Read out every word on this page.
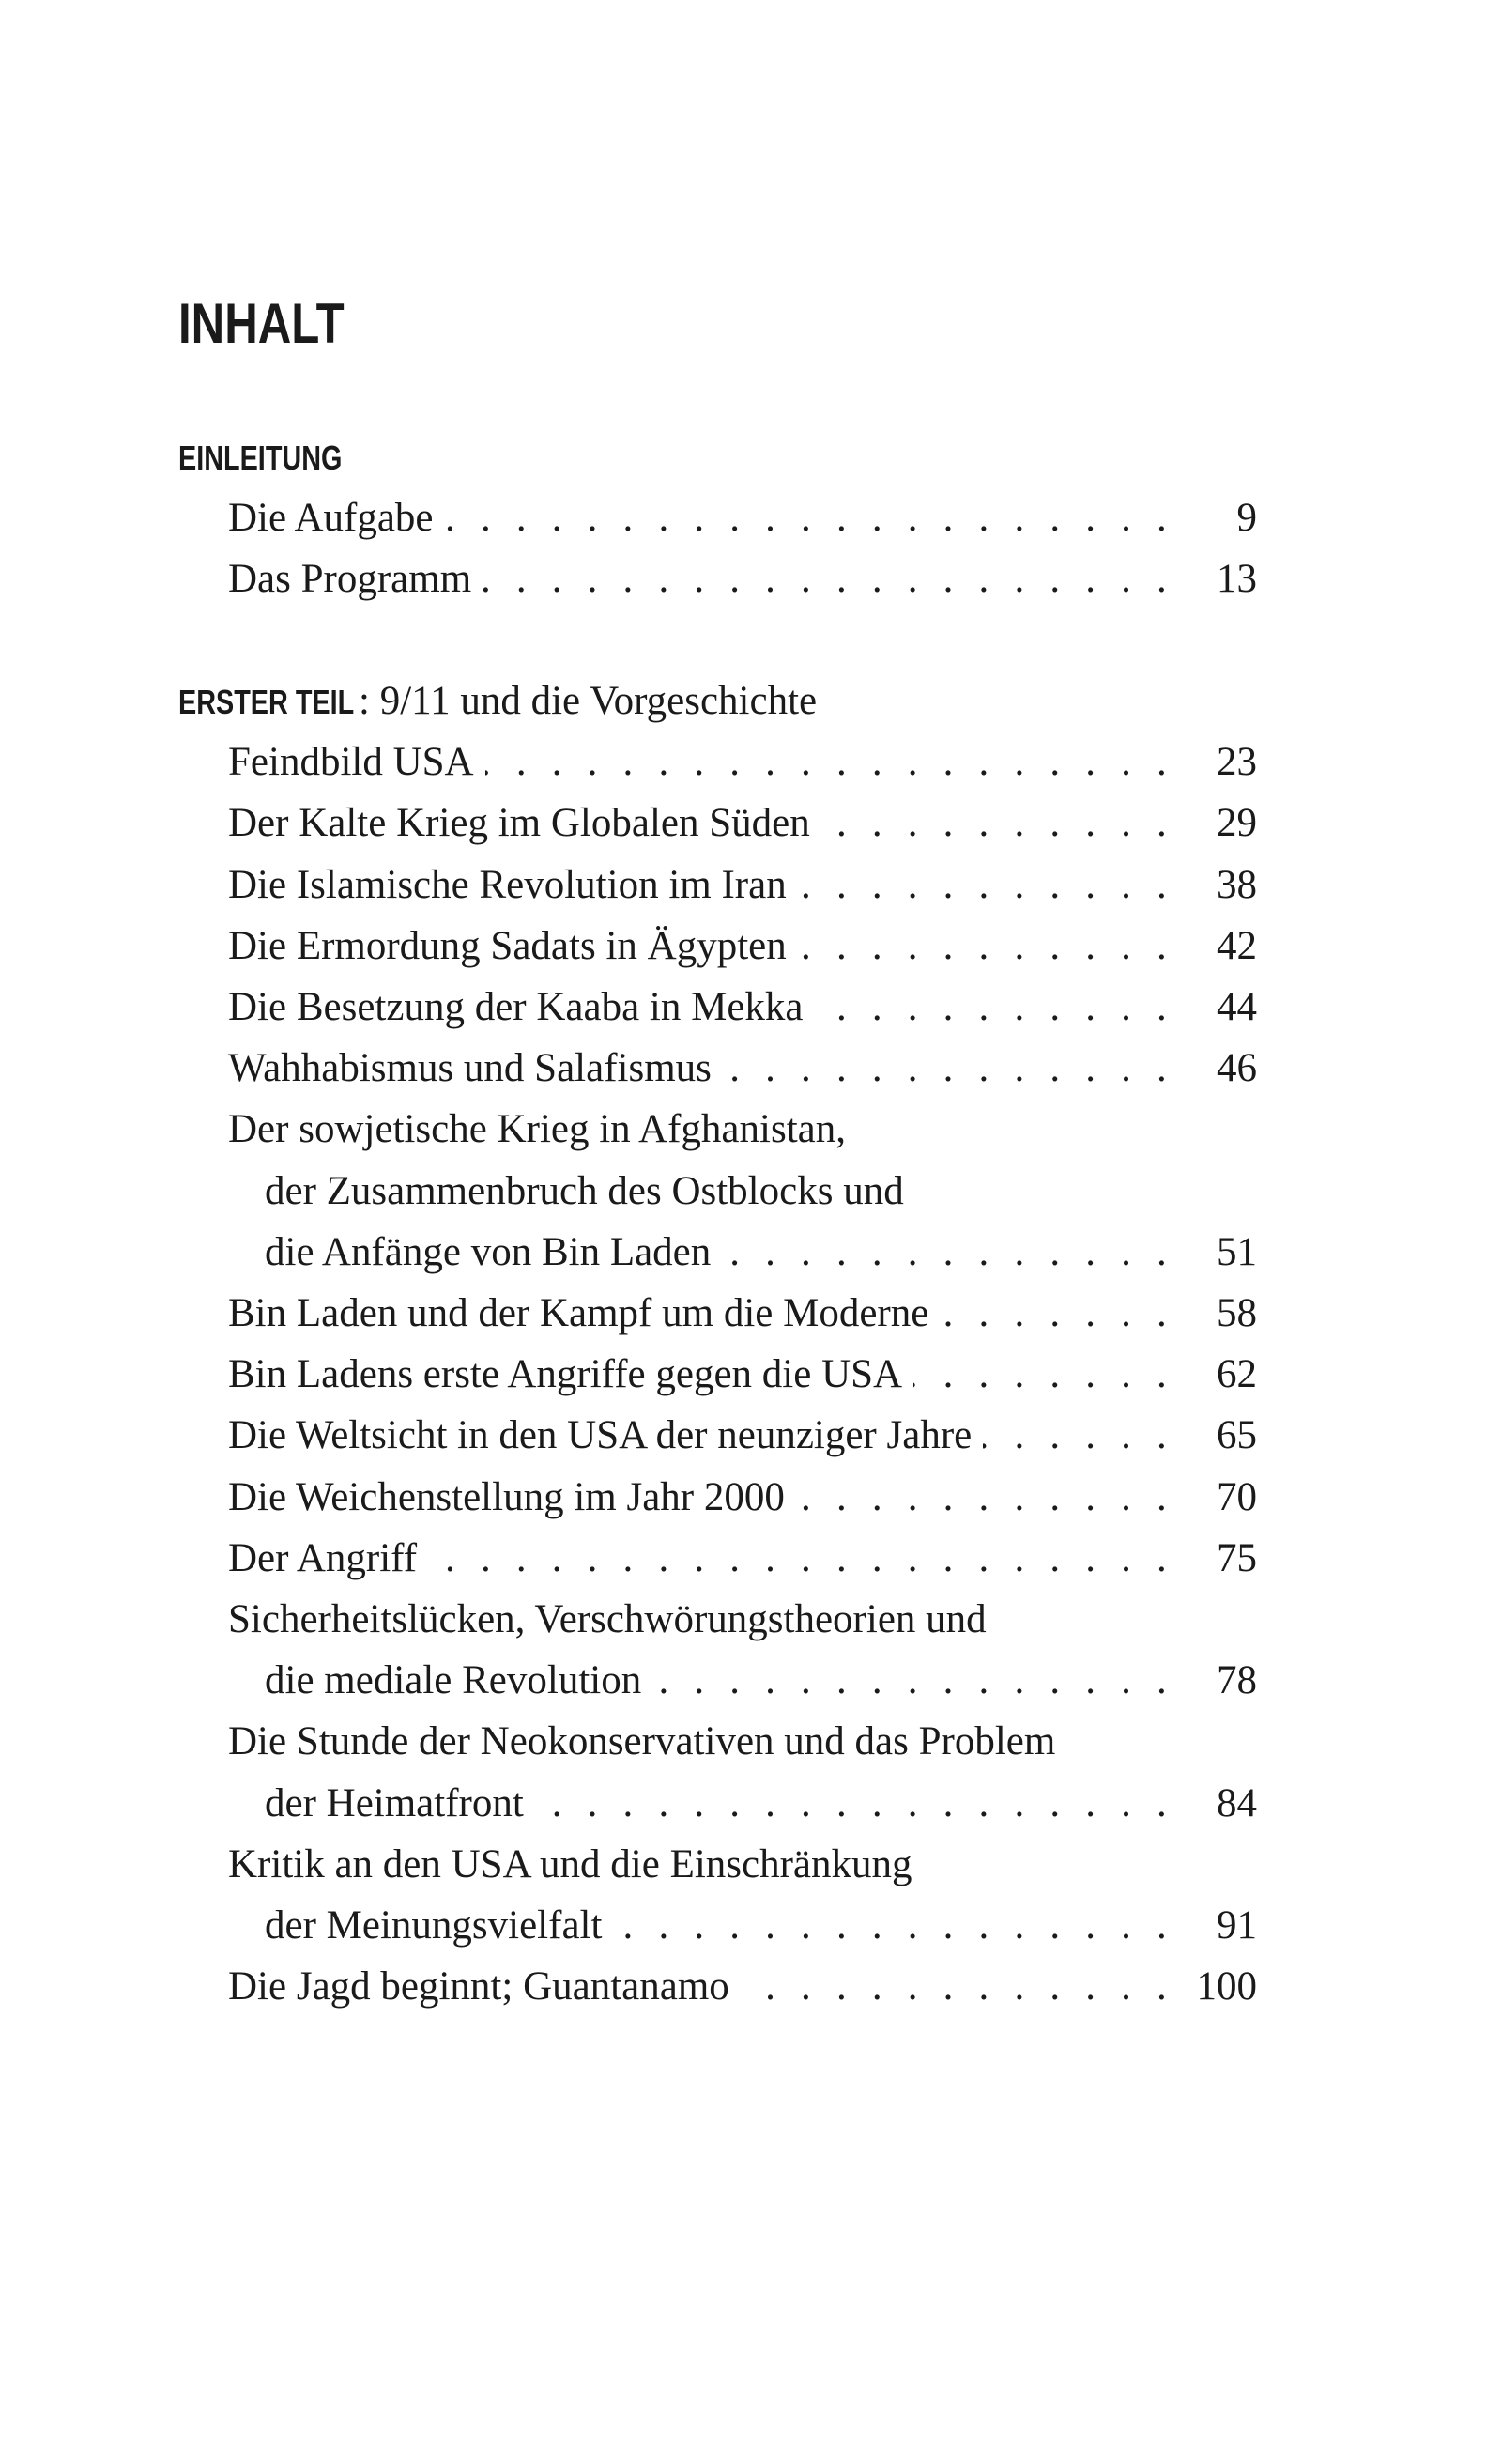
INHALT
EINLEITUNG
Die Aufgabe . . .	9
Das Programm . . .	13
ERSTER TEIL : 9/11 und die Vorgeschichte
Feindbild USA . . .	23
Der Kalte Krieg im Globalen Süden . . .	29
Die Islamische Revolution im Iran . . .	38
Die Ermordung Sadats in Ägypten . . .	42
Die Besetzung der Kaaba in Mekka . . .	44
Wahhabismus und Salafismus . . .	46
Der sowjetische Krieg in Afghanistan,
der Zusammenbruch des Ostblocks und
die Anfänge von Bin Laden . . .	51
Bin Laden und der Kampf um die Moderne . . .	58
Bin Ladens erste Angriffe gegen die USA . . .	62
Die Weltsicht in den USA der neunziger Jahre . . .	65
Die Weichenstellung im Jahr 2000 . . .	70
Der Angriff . . .	75
Sicherheitslücken, Verschwörungstheorien und
die mediale Revolution . . .	78
Die Stunde der Neokonservativen und das Problem
der Heimatfront . . .	84
Kritik an den USA und die Einschränkung
der Meinungsvielfalt . . .	91
Die Jagd beginnt; Guantanamo . . .	100
